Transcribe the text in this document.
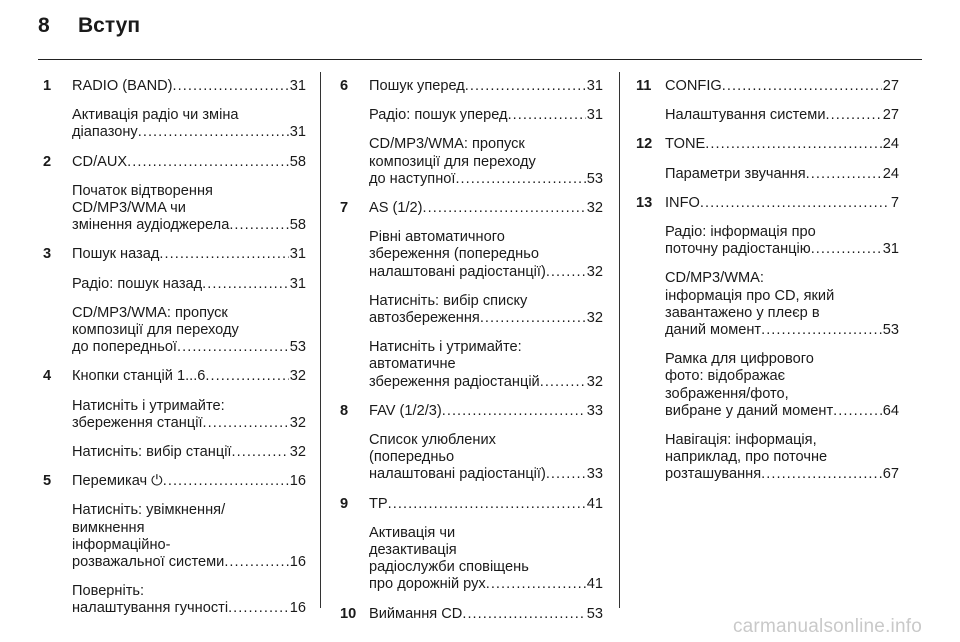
8 Вступ
1 RADIO (BAND) . . .	31
Активація радіо чи зміна
діапазону . . .	31
2 CD/AUX . . .	58
Початок відтворення
CD/MP3/WMA чи
змінення аудіоджерела . . .	58
3 Пошук назад . . .	31
Радіо: пошук назад . . .	31
CD/MP3/WMA: пропуск
композиції для переходу
до попередньої . . .	53
4 Кнопки станцій 1...6 . . .	32
Натисніть і утримайте:
збереження станції . . .	32
Натисніть: вибір станції . . .	32
5 Перемикач ⏻ . . .	16
Натисніть: увімкнення/
вимкнення
інформаційно-
розважальної системи . . .	16
Поверніть:
налаштування гучності . . .	16
6 Пошук уперед . . .	31
Радіо: пошук уперед . . .	31
CD/MP3/WMA: пропуск
композиції для переходу
до наступної . . .	53
7 AS (1/2) . . .	32
Рівні автоматичного
збереження (попередньо
налаштовані радіостанції) . . .	32
Натисніть: вибір списку
автозбереження . . .	32
Натисніть і утримайте:
автоматичне
збереження радіостанцій . . .	32
8 FAV (1/2/3) . . .	33
Список улюблених
(попередньо
налаштовані радіостанції) . . .	33
9 TP . . .	41
Активація чи
дезактивація
радіослужби сповіщень
про дорожній рух . . .	41
10 Виймання CD . . .	53
11 CONFIG . . .	27
Налаштування системи . . .	27
12 TONE . . .	24
Параметри звучання . . .	24
13 INFO . . .	7
Радіо: інформація про
поточну радіостанцію . . .	31
CD/MP3/WMA:
інформація про CD, який
завантажено у плеєр в
даний момент . . .	53
Рамка для цифрового
фото: відображає
зображення/фото,
вибране у даний момент . . .	64
Навігація: інформація,
наприклад, про поточне
розташування . . .	67
carmanualsonline.info
